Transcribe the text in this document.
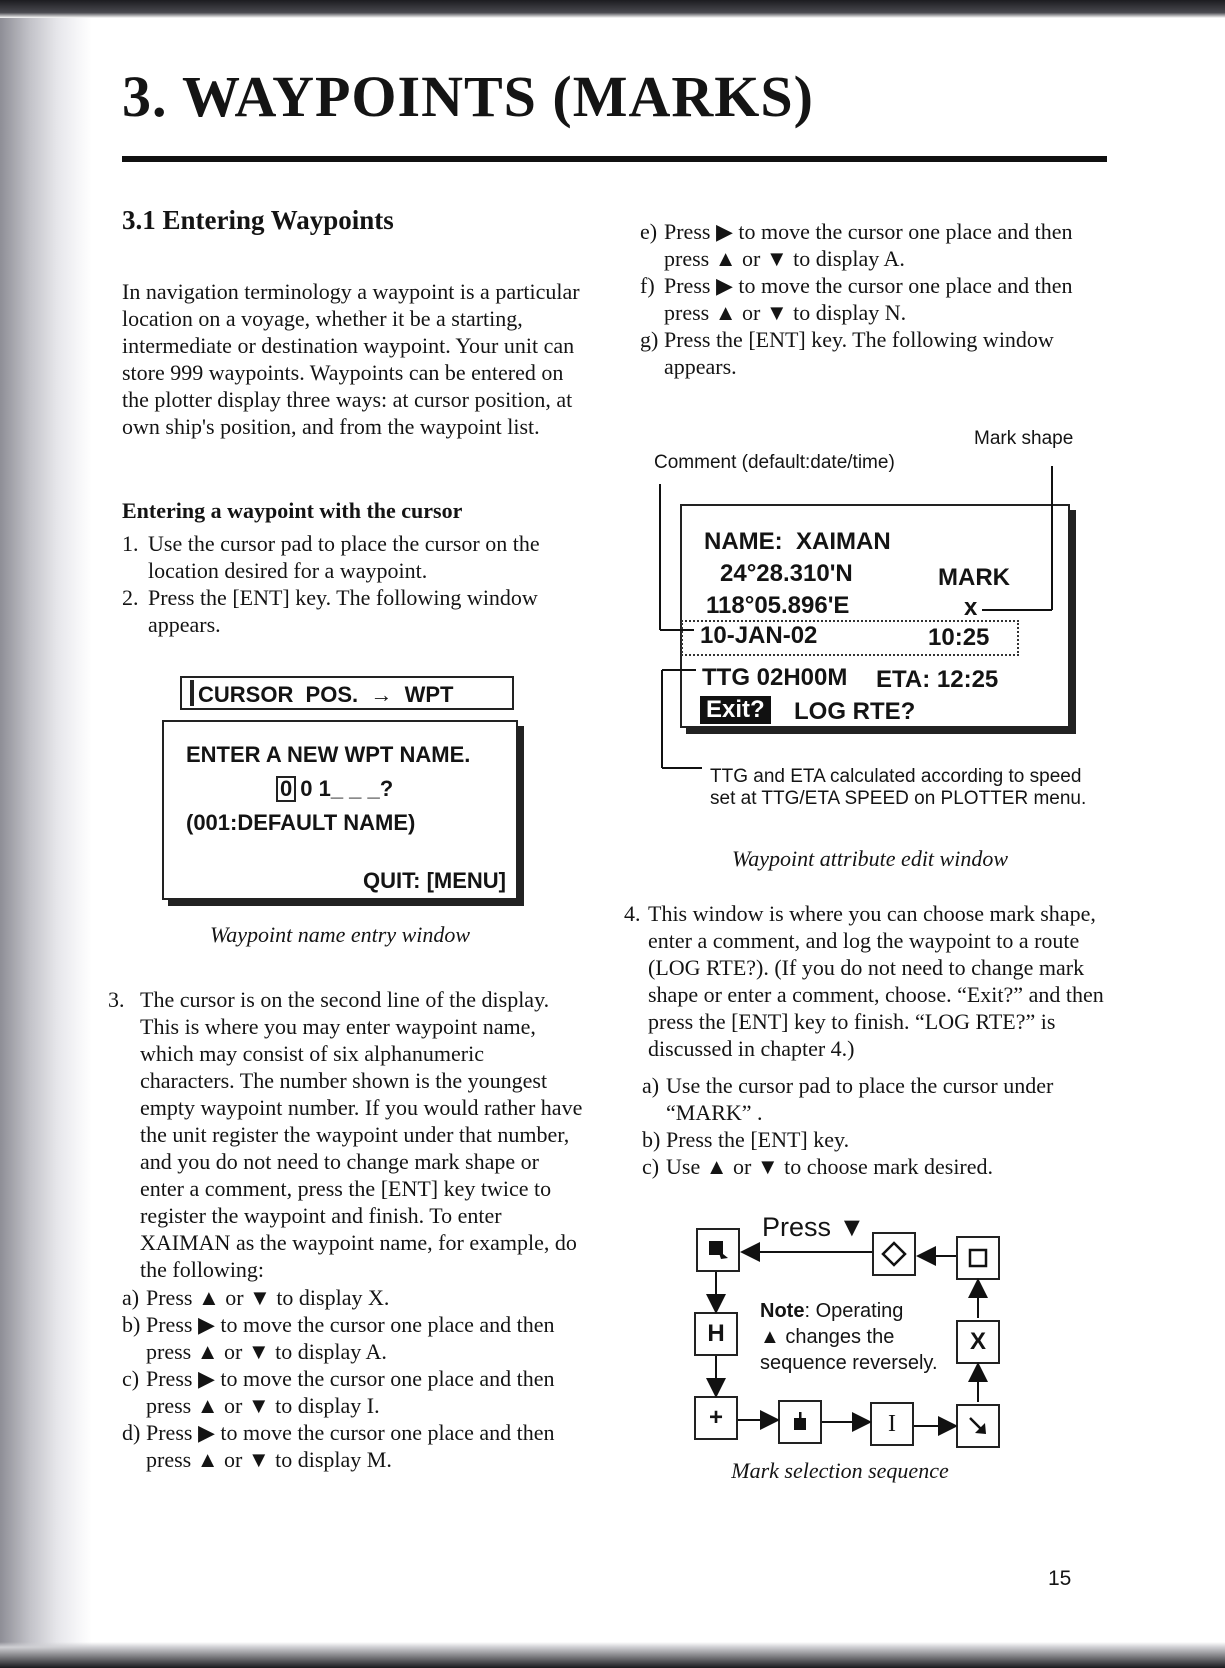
3. WAYPOINTS (MARKS)
3.1 Entering Waypoints

In navigation terminology a waypoint is a particular location on a voyage, whether it be a starting, intermediate or destination waypoint. Your unit can store 999 waypoints. Waypoints can be entered on the plotter display three ways: at cursor position, at own ship's position, and from the waypoint list.

Entering a waypoint with the cursor
1. Use the cursor pad to place the cursor on the location desired for a waypoint.
2. Press the [ENT] key. The following window appears.
CURSOR  POS.  →  WPT
ENTER A NEW WPT NAME.
0 0 1_ _ _?
(001:DEFAULT NAME)
QUIT: [MENU]

Waypoint name entry window

3. The cursor is on the second line of the display. This is where you may enter waypoint name, which may consist of six alphanumeric characters. The number shown is the youngest empty waypoint number. If you would rather have the unit register the waypoint under that number, and you do not need to change mark shape or enter a comment, press the [ENT] key twice to register the waypoint and finish. To enter XAIMAN as the waypoint name, for example, do the following:
a) Press ▲ or ▼ to display X.
b) Press ▶ to move the cursor one place and then press ▲ or ▼ to display A.
c) Press ▶ to move the cursor one place and then press ▲ or ▼ to display I.
d) Press ▶ to move the cursor one place and then press ▲ or ▼ to display M.
e) Press ▶ to move the cursor one place and then press ▲ or ▼ to display A.
f) Press ▶ to move the cursor one place and then press ▲ or ▼ to display N.
g) Press the [ENT] key. The following window appears.

Mark shape

Comment (default:date/time)

NAME: XAIMAN
24°28.310'N	MARK
118°05.896'E	x
10-JAN-02	10:25
TTG 02H00M ETA: 12:25
Exit? LOG RTE?

TTG and ETA calculated according to speed set at TTG/ETA SPEED on PLOTTER menu.

Waypoint attribute edit window

4. This window is where you can choose mark shape, enter a comment, and log the waypoint to a route (LOG RTE?). (If you do not need to change mark shape or enter a comment, choose. “Exit?” and then press the [ENT] key to finish. “LOG RTE?” is discussed in chapter 4.)
a) Use the cursor pad to place the cursor under “MARK” .
b) Press the [ENT] key.
c) Use ▲ or ▼ to choose mark desired.
Press ▼
Note: Operating
▲ changes the
sequence reversely.
H	X
+	I

Mark selection sequence

15
